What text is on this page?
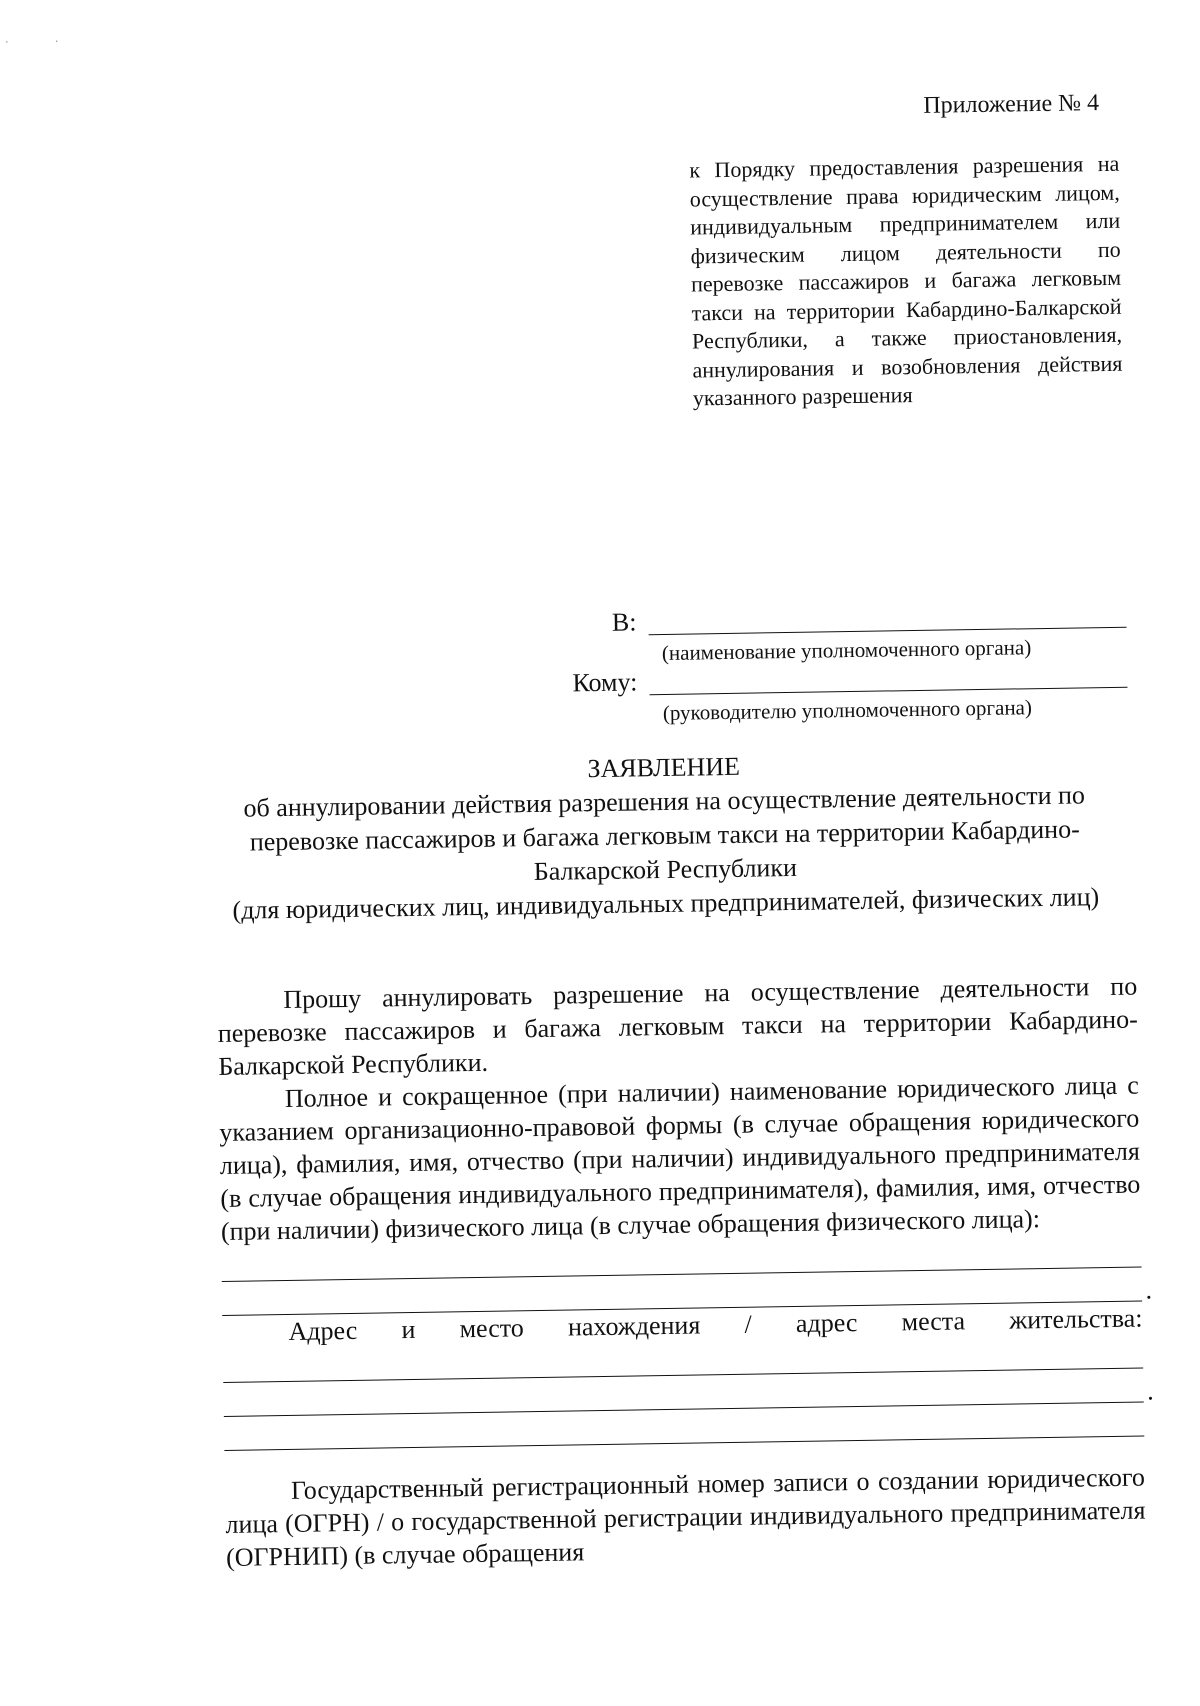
· ·
Приложение № 4
к Порядку предоставления разрешения на осуществление права юридическим лицом, индивидуальным предпринимателем или физическим лицом деятельности по перевозке пассажиров и багажа легковым такси на территории Кабардино-Балкарской Республики, а также приостановления, аннулирования и возобновления действия указанного разрешения
В:
(наименование уполномоченного органа)
Кому:
(руководителю уполномоченного органа)
ЗАЯВЛЕНИЕ
об аннулировании действия разрешения на осуществление деятельности по перевозке пассажиров и багажа легковым такси на территории Кабардино-Балкарской Республики
(для юридических лиц, индивидуальных предпринимателей, физических лиц)

Прошу аннулировать разрешение на осуществление деятельности по перевозке пассажиров и багажа легковым такси на территории Кабардино-Балкарской Республики.

Полное и сокращенное (при наличии) наименование юридического лица с указанием организационно-правовой формы (в случае обращения юридического лица), фамилия, имя, отчество (при наличии) индивидуального предпринимателя (в случае обращения индивидуального предпринимателя), фамилия, имя, отчество (при наличии) физического лица (в случае обращения физического лица):

.

Адрес и место нахождения / адрес места жительства:

.

Государственный регистрационный номер записи о создании юридического лица (ОГРН) / о государственной регистрации индивидуального предпринимателя (ОГРНИП) (в случае обращения
